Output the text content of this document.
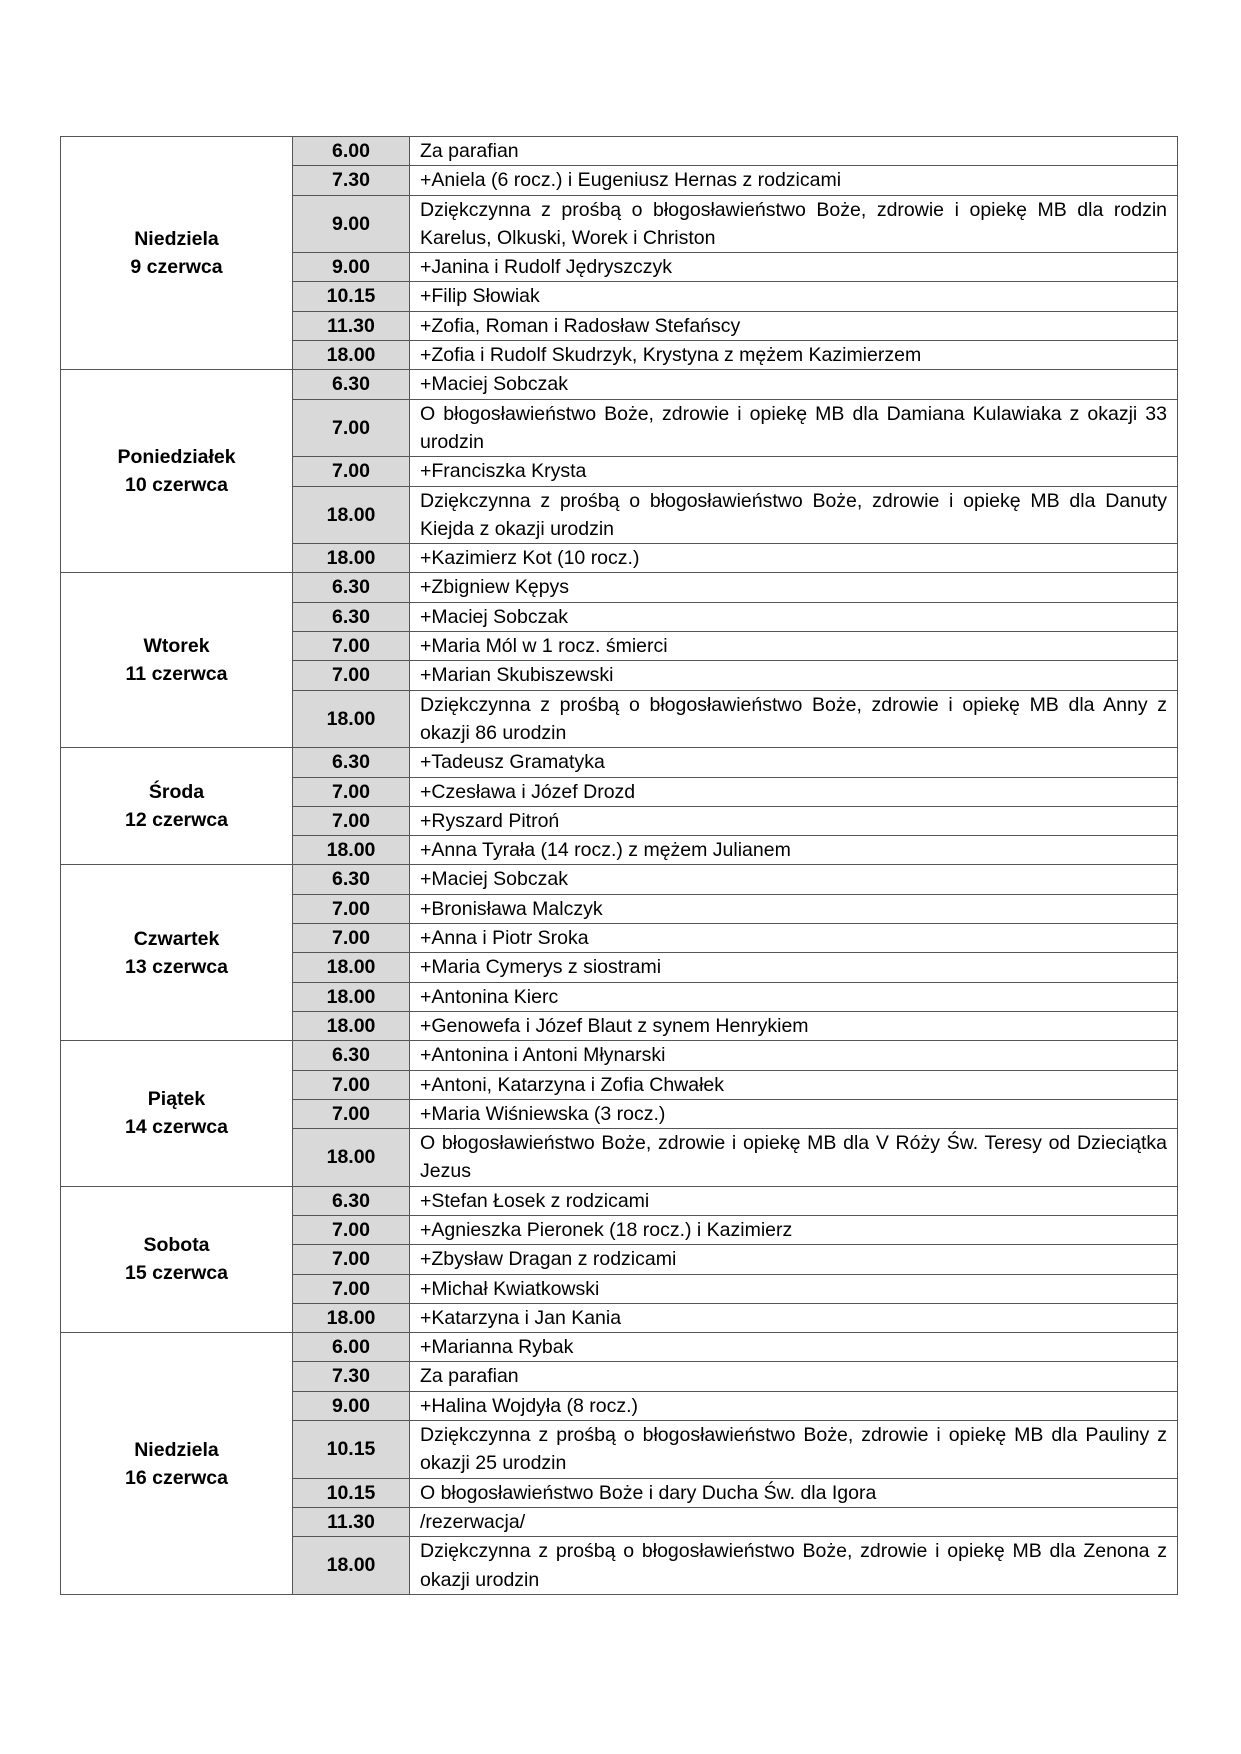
Niedziela
9 czerwca	6.00	Za parafian
	7.30	+Aniela (6 rocz.) i Eugeniusz Hernas z rodzicami
	9.00	Dziękczynna z prośbą o błogosławieństwo Boże, zdrowie i opiekę MB dla rodzin Karelus, Olkuski, Worek i Christon
	9.00	+Janina i Rudolf Jędryszczyk
	10.15	+Filip Słowiak
	11.30	+Zofia, Roman i Radosław Stefańscy
	18.00	+Zofia i Rudolf Skudrzyk, Krystyna z mężem Kazimierzem

Poniedziałek
10 czerwca	6.30	+Maciej Sobczak
	7.00	O błogosławieństwo Boże, zdrowie i opiekę MB dla Damiana Kulawiaka z okazji 33 urodzin
	7.00	+Franciszka Krysta
	18.00	Dziękczynna z prośbą o błogosławieństwo Boże, zdrowie i opiekę MB dla Danuty Kiejda z okazji urodzin
	18.00	+Kazimierz Kot (10 rocz.)

Wtorek
11 czerwca	6.30	+Zbigniew Kępys
	6.30	+Maciej Sobczak
	7.00	+Maria Mól w 1 rocz. śmierci
	7.00	+Marian Skubiszewski
	18.00	Dziękczynna z prośbą o błogosławieństwo Boże, zdrowie i opiekę MB dla Anny z okazji 86 urodzin

Środa
12 czerwca	6.30	+Tadeusz Gramatyka
	7.00	+Czesława i Józef Drozd
	7.00	+Ryszard Pitroń
	18.00	+Anna Tyrała (14 rocz.) z mężem Julianem

Czwartek
13 czerwca	6.30	+Maciej Sobczak
	7.00	+Bronisława Malczyk
	7.00	+Anna i Piotr Sroka
	18.00	+Maria Cymerys z siostrami
	18.00	+Antonina Kierc
	18.00	+Genowefa i Józef Blaut z synem Henrykiem

Piątek
14 czerwca	6.30	+Antonina i Antoni Młynarski
	7.00	+Antoni, Katarzyna i Zofia Chwałek
	7.00	+Maria Wiśniewska (3 rocz.)
	18.00	O błogosławieństwo Boże, zdrowie i opiekę MB dla V Róży Św. Teresy od Dzieciątka Jezus

Sobota
15 czerwca	6.30	+Stefan Łosek z rodzicami
	7.00	+Agnieszka Pieronek (18 rocz.) i Kazimierz
	7.00	+Zbysław Dragan z rodzicami
	7.00	+Michał Kwiatkowski
	18.00	+Katarzyna i Jan Kania

Niedziela
16 czerwca	6.00	+Marianna Rybak
	7.30	Za parafian
	9.00	+Halina Wojdyła (8 rocz.)
	10.15	Dziękczynna z prośbą o błogosławieństwo Boże, zdrowie i opiekę MB dla Pauliny z okazji 25 urodzin
	10.15	O błogosławieństwo Boże i dary Ducha Św. dla Igora
	11.30	/rezerwacja/
	18.00	Dziękczynna z prośbą o błogosławieństwo Boże, zdrowie i opiekę MB dla Zenona z okazji urodzin
